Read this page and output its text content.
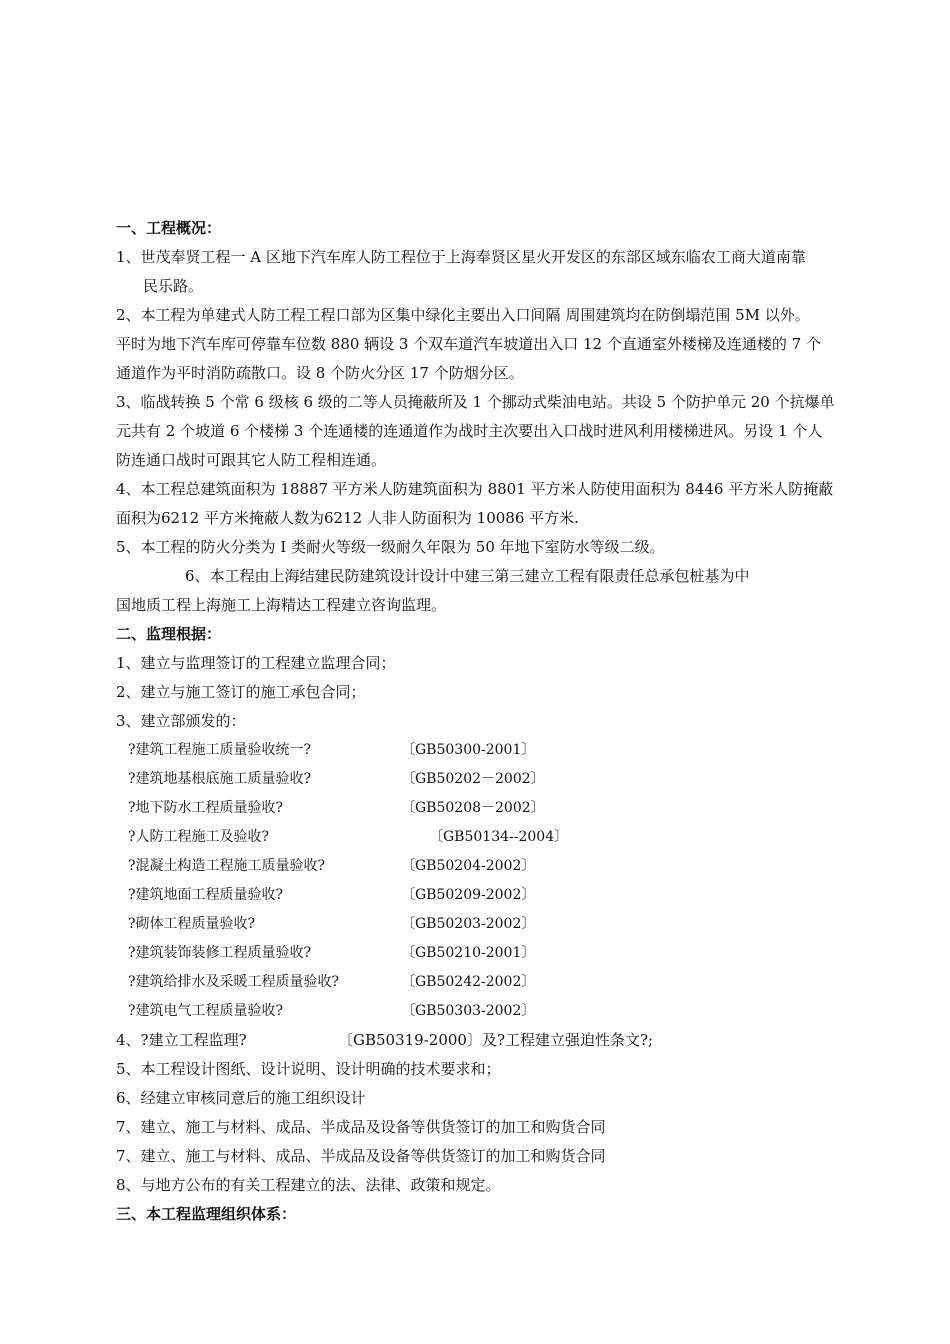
一、工程概况：
1、世茂奉贤工程一 A 区地下汽车库人防工程位于上海奉贤区星火开发区的东部区域东临农工商大道南靠
民乐路。
2、本工程为单建式人防工程工程口部为区集中绿化主要出入口间隔 周围建筑均在防倒塌范围 5M 以外。
平时为地下汽车库可停靠车位数 880 辆设 3 个双车道汽车坡道出入口 12 个直通室外楼梯及连通楼的 7 个
通道作为平时消防疏散口。设 8 个防火分区 17 个防烟分区。
3、临战转换 5 个常 6 级核 6 级的二等人员掩蔽所及 1 个挪动式柴油电站。共设 5 个防护单元 20 个抗爆单
元共有 2 个坡道 6 个楼梯 3 个连通楼的连通道作为战时主次要出入口战时进风利用楼梯进风。另设 1 个人
防连通口战时可跟其它人防工程相连通。
4、本工程总建筑面积为 18887 平方米人防建筑面积为 8801 平方米人防使用面积为 8446 平方米人防掩蔽
面积为6212 平方米掩蔽人数为6212 人非人防面积为 10086 平方米.
5、本工程的防火分类为 I 类耐火等级一级耐久年限为 50 年地下室防水等级二级。
6、本工程由上海结建民防建筑设计设计中建三第三建立工程有限责任总承包桩基为中
国地质工程上海施工上海精达工程建立咨询监理。
二、监理根据：
1、建立与监理签订的工程建立监理合同；
2、建立与施工签订的施工承包合同；
3、建立部颁发的：
?建筑工程施工质量验收统一?	〔GB50300-2001〕
?建筑地基根底施工质量验收?	〔GB50202－2002〕
?地下防水工程质量验收?	〔GB50208－2002〕
?人防工程施工及验收?	〔GB50134--2004〕
?混凝土构造工程施工质量验收?	〔GB50204-2002〕
?建筑地面工程质量验收?	〔GB50209-2002〕
?砌体工程质量验收?	〔GB50203-2002〕
?建筑装饰装修工程质量验收?	〔GB50210-2001〕
?建筑给排水及采暖工程质量验收?	〔GB50242-2002〕
?建筑电气工程质量验收?	〔GB50303-2002〕
4、?建立工程监理?	〔GB50319-2000〕及?工程建立强迫性条文?;
5、本工程设计图纸、设计说明、设计明确的技术要求和；
6、经建立审核同意后的施工组织设计
7、建立、施工与材料、成品、半成品及设备等供货签订的加工和购货合同
7、建立、施工与材料、成品、半成品及设备等供货签订的加工和购货合同
8、与地方公布的有关工程建立的法、法律、政策和规定。
三、本工程监理组织体系：
